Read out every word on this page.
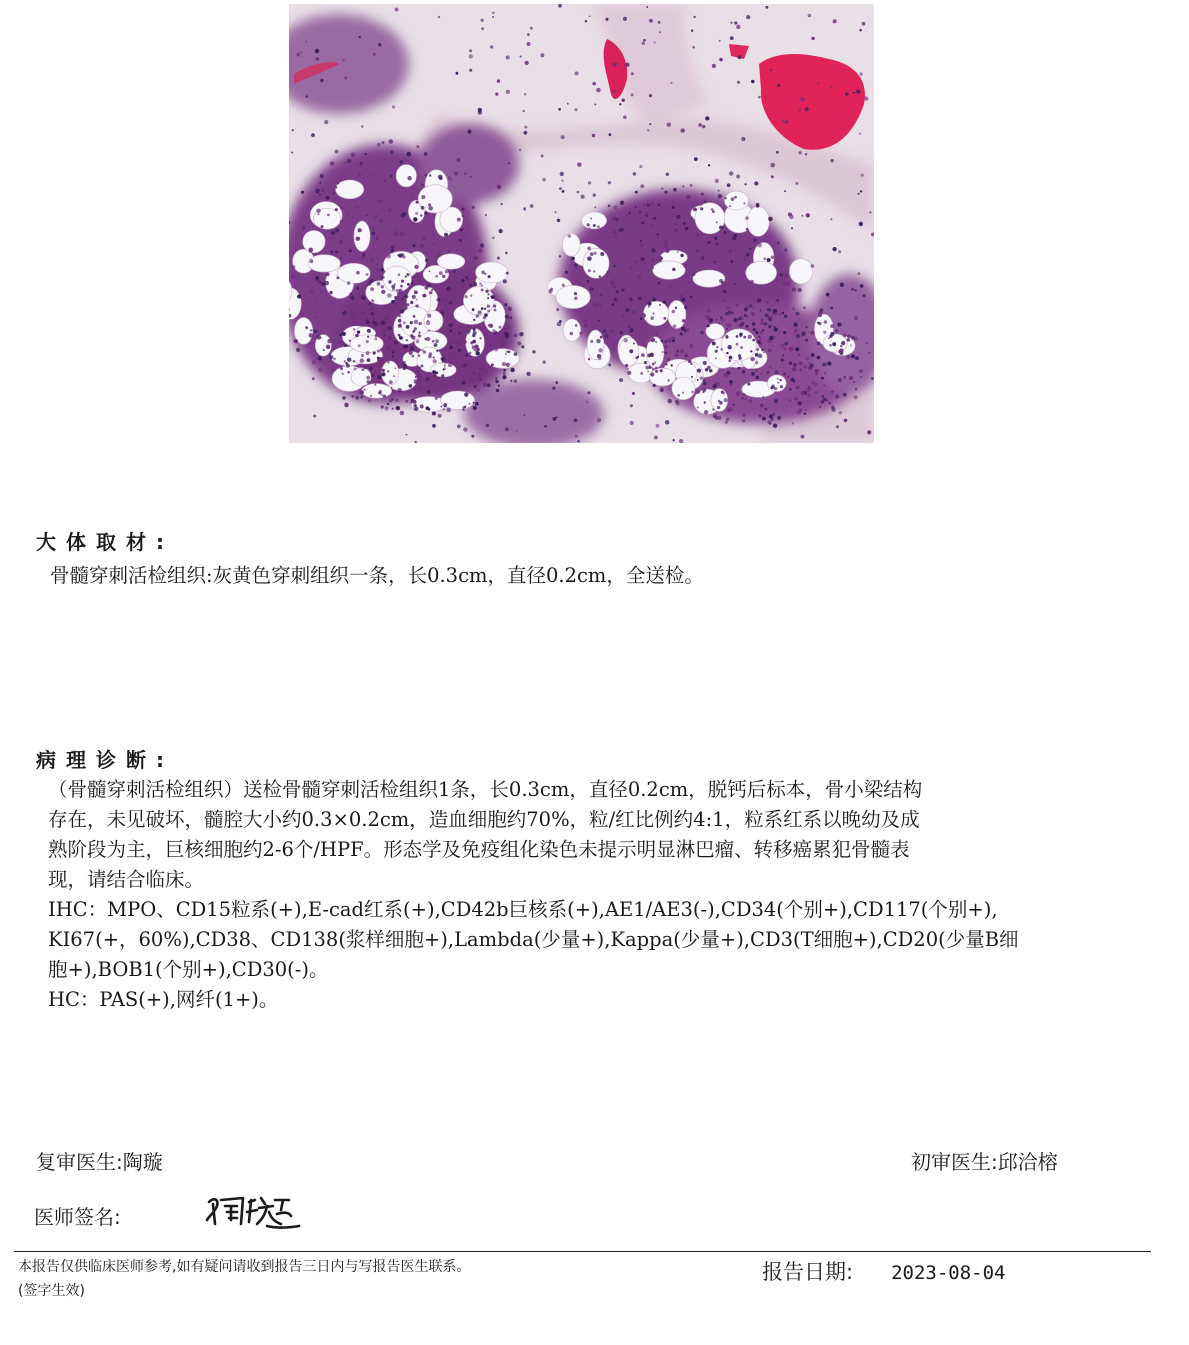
大体取材:

骨髓穿刺活检组织:灰黄色穿刺组织一条，长0.3cm，直径0.2cm，全送检。

病理诊断:

（骨髓穿刺活检组织）送检骨髓穿刺活检组织1条，长0.3cm，直径0.2cm，脱钙后标本，骨小梁结构
存在，未见破坏，髓腔大小约0.3×0.2cm，造血细胞约70%，粒/红比例约4:1，粒系红系以晚幼及成
熟阶段为主，巨核细胞约2-6个/HPF。形态学及免疫组化染色未提示明显淋巴瘤、转移癌累犯骨髓表
现，请结合临床。
IHC：MPO、CD15粒系(+),E-cad红系(+),CD42b巨核系(+),AE1/AE3(-),CD34(个别+),CD117(个别+),
KI67(+，60%),CD38、CD138(浆样细胞+),Lambda(少量+),Kappa(少量+),CD3(T细胞+),CD20(少量B细
胞+),BOB1(个别+),CD30(-)。
HC：PAS(+),网纤(1+)。

复审医生:陶璇	初审医生:邱洽榕
医师签名:
本报告仅供临床医师参考,如有疑问请收到报告三日内与写报告医生联系。
(签字生效)
报告日期: 2023-08-04
